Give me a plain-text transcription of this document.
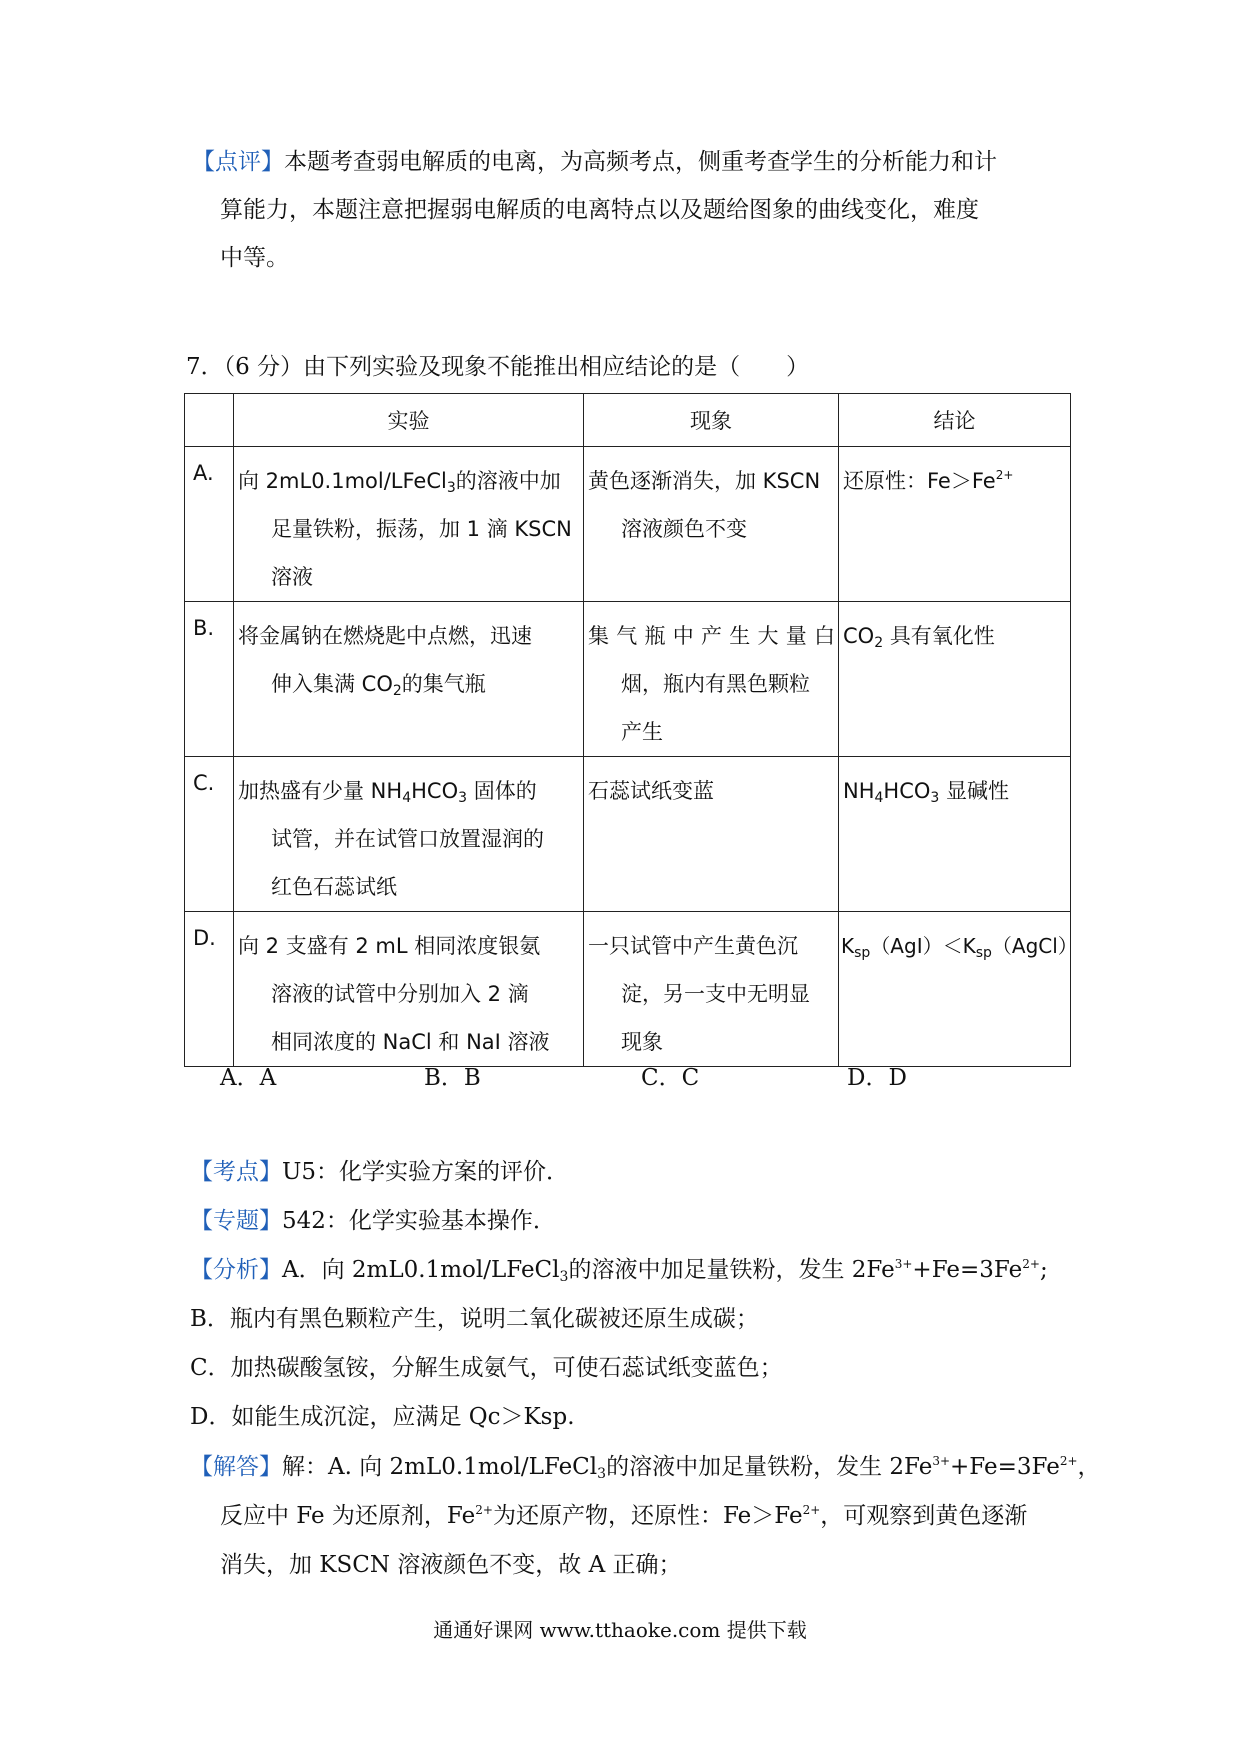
【点评】本题考查弱电解质的电离，为高频考点，侧重考查学生的分析能力和计
算能力，本题注意把握弱电解质的电离特点以及题给图象的曲线变化，难度
中等。
7．（6 分）由下列实验及现象不能推出相应结论的是（　　）
	实验	现象	结论

A.	向 2mL0.1mol/LFeCl$_3$的溶液中加
足量铁粉，振荡，加 1 滴 KSCN
溶液	黄色逐渐消失，加 KSCN
溶液颜色不变	还原性：$Fe>Fe^{2+}$

B.	将金属钠在燃烧匙中点燃，迅速
伸入集满 $CO_2$的集气瓶	集气瓶中产生大量白
烟，瓶内有黑色颗粒
产生	$CO_2$ 具有氧化性

C.	加热盛有少量 $NH_4HCO_3$ 固体的
试管，并在试管口放置湿润的
红色石蕊试纸	石蕊试纸变蓝	$NH_4HCO_3$ 显碱性

D.	向 2 支盛有 2 mL 相同浓度银氨
溶液的试管中分别加入 2 滴
相同浓度的 NaCl 和 NaI 溶液	一只试管中产生黄色沉
淀，另一支中无明显
现象	$K_{sp}(AgI)<K_{sp}(AgCl)$
A．A	B．B	C．C	D．D
【考点】U5：化学实验方案的评价．
【专题】542：化学实验基本操作．
【分析】A．向 2mL0.1mol/LFeCl$_3$的溶液中加足量铁粉，发生 $2Fe^{3+}+Fe=3Fe^{2+}$;
B．瓶内有黑色颗粒产生，说明二氧化碳被还原生成碳；
C．加热碳酸氢铵，分解生成氨气，可使石蕊试纸变蓝色；
D．如能生成沉淀，应满足 Qc＞Ksp.
【解答】解：A. 向 2mL0.1mol/LFeCl$_3$的溶液中加足量铁粉，发生 $2Fe^{3+}+Fe=3Fe^{2+}$，
反应中 Fe 为还原剂，$Fe^{2+}$为还原产物，还原性：$Fe>Fe^{2+}$，可观察到黄色逐渐
消失，加 KSCN 溶液颜色不变，故 A 正确；
通通好课网 www.tthaoke.com 提供下载
